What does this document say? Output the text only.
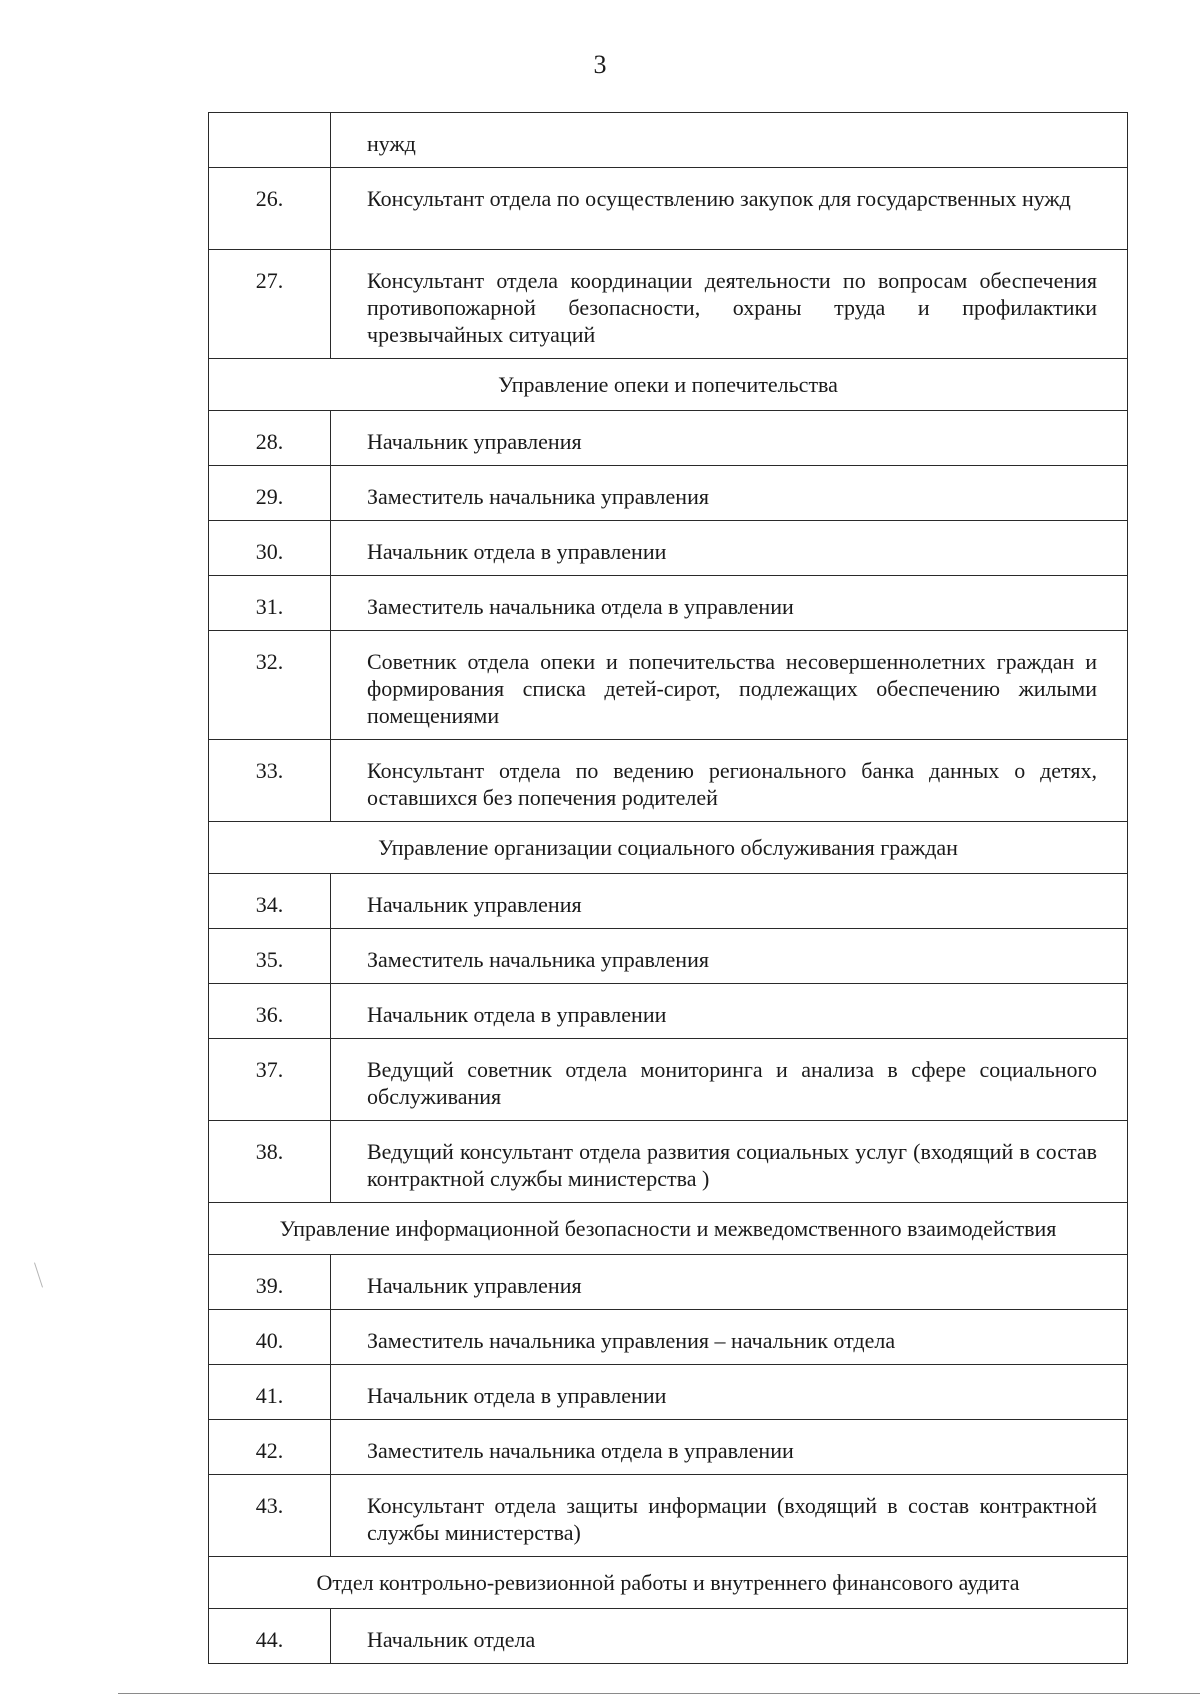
3
	нужд
26.	Консультант отдела по осуществлению закупок для государственных нужд
27.	Консультант отдела координации деятельности по вопросам обеспечения противопожарной безопасности, охраны труда и профилактики чрезвычайных ситуаций
Управление опеки и попечительства	
28.	Начальник управления
29.	Заместитель начальника управления
30.	Начальник отдела в управлении
31.	Заместитель начальника отдела в управлении
32.	Советник отдела опеки и попечительства несовершеннолетних граждан и формирования списка детей-сирот, подлежащих обеспечению жилыми помещениями
33.	Консультант отдела по ведению регионального банка данных о детях, оставшихся без попечения родителей
Управление организации социального обслуживания граждан	
34.	Начальник управления
35.	Заместитель начальника управления
36.	Начальник отдела в управлении
37.	Ведущий советник отдела мониторинга и анализа в сфере социального обслуживания
38.	Ведущий консультант отдела развития социальных услуг (входящий в состав контрактной службы министерства )
Управление информационной безопасности и межведомственного взаимодействия	
39.	Начальник управления
40.	Заместитель начальника управления – начальник отдела
41.	Начальник отдела в управлении
42.	Заместитель начальника отдела в управлении
43.	Консультант отдела защиты информации (входящий в состав контрактной службы министерства)
Отдел контрольно-ревизионной работы и внутреннего финансового аудита	
44.	Начальник отдела
